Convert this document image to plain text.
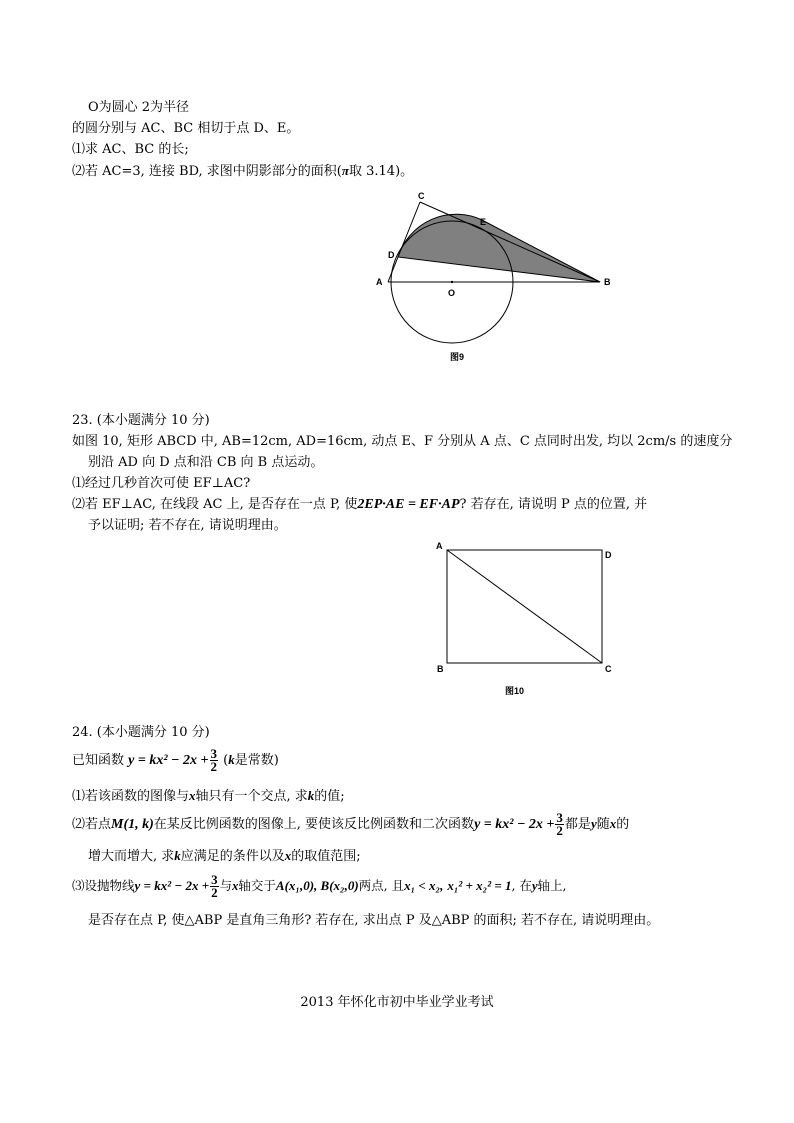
O为圆心 2为半径
的圆分别与 AC、BC 相切于点 D、E。
⑴求 AC、BC 的长;
⑵若 AC=3, 连接 BD, 求图中阴影部分的面积(π取 3.14)。
C
E
D
A
O
B
图9
23. (本小题满分 10 分)
如图 10, 矩形 ABCD 中, AB=12cm, AD=16cm, 动点 E、F 分别从 A 点、C 点同时出发, 均以 2cm/s 的速度分
别沿 AD 向 D 点和沿 CB 向 B 点运动。
⑴经过几秒首次可使 EF⊥AC?
⑵若 EF⊥AC, 在线段 AC 上, 是否存在一点 P, 使2EP·AE = EF·AP? 若存在, 请说明 P 点的位置, 并
予以证明; 若不存在, 请说明理由。
A
D
B	C
图10
24. (本小题满分 10 分)
已知函数 $y = kx^2 - 2x + \frac{3}{2} (k$是常数)
⑴若该函数的图像与x轴只有一个交点, 求k的值;
⑵若点M(1, k)在某反比例函数的图像上, 要使该反比例函数和二次函数$y = kx^2 - 2x + \frac{3}{2}$ 都是y随x的
增大而增大, 求k应满足的条件以及x的取值范围;
⑶设抛物线$y = kx^2 - 2x + \frac{3}{2}$ 与x轴交于A(x₁,0), B(x₂,0)两点, 且x₁ < x₂, x₁² + x₂² = 1, 在y轴上,
是否存在点 P, 使△ABP 是直角三角形? 若存在, 求出点 P 及△ABP 的面积; 若不存在, 请说明理由。
2013 年怀化市初中毕业学业考试
